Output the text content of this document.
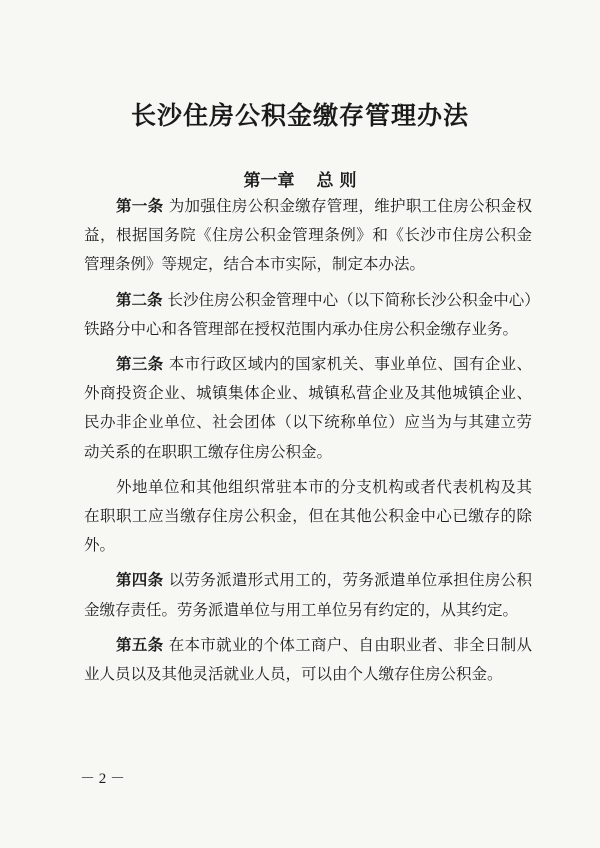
长沙住房公积金缴存管理办法
第一章 总 则

第一条 为加强住房公积金缴存管理，维护职工住房公积金权益，根据国务院《住房公积金管理条例》和《长沙市住房公积金管理条例》等规定，结合本市实际，制定本办法。

第二条 长沙住房公积金管理中心（以下简称长沙公积金中心）铁路分中心和各管理部在授权范围内承办住房公积金缴存业务。

第三条 本市行政区域内的国家机关、事业单位、国有企业、外商投资企业、城镇集体企业、城镇私营企业及其他城镇企业、民办非企业单位、社会团体（以下统称单位）应当为与其建立劳动关系的在职职工缴存住房公积金。

外地单位和其他组织常驻本市的分支机构或者代表机构及其在职职工应当缴存住房公积金，但在其他公积金中心已缴存的除外。

第四条 以劳务派遣形式用工的，劳务派遣单位承担住房公积金缴存责任。劳务派遣单位与用工单位另有约定的，从其约定。

第五条 在本市就业的个体工商户、自由职业者、非全日制从业人员以及其他灵活就业人员，可以由个人缴存住房公积金。

－ 2 －
